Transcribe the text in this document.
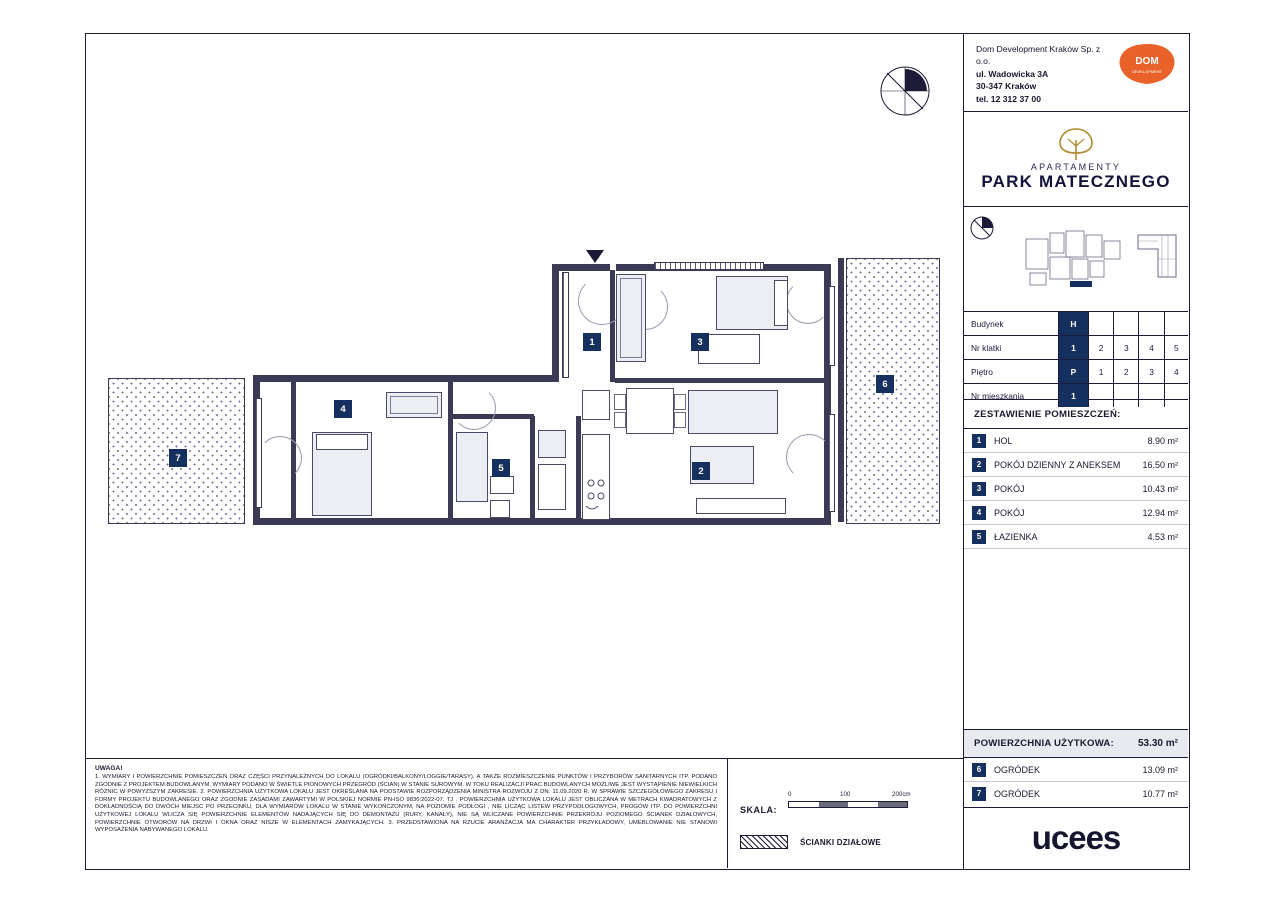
1	3
4
5	2
6
7
Dom Development Kraków Sp. z o.o.
ul. Wadowicka 3A
30-347 Kraków
tel. 12 312 37 00
DOM
DEVELOPMENT
APARTAMENTY
PARK MATECZNEGO
Budynek	H				
Nr klatki	1	2	3	4	5
Piętro	P	1	2	3	4
Nr mieszkania	1				
ZESTAWIENIE POMIESZCZEŃ:
1	HOL	8.90 m²
2	POKÓJ DZIENNY Z ANEKSEM	16.50 m²
3	POKÓJ	10.43 m²
4	POKÓJ	12.94 m²
5	ŁAZIENKA	4.53 m²
POWIERZCHNIA UŻYTKOWA:	53.30 m²
6	OGRÓDEK	13.09 m²
7	OGRÓDEK	10.77 m²
ucees
UWAGA!
1. WYMIARY I POWIERZCHNIE POMIESZCZEŃ ORAZ CZĘŚCI PRZYNALEŻNYCH DO LOKALU (OGRÓDKI/BALKONY/LOGGIE/TARASY), A TAKŻE ROZMIESZCZENIE PUNKTÓW I PRZYBORÓW SANITARNYCH ITP. PODANO ZGODNIE Z PROJEKTEM BUDOWLANYM. WYMIARY PODANO W ŚWIETLE PIONOWYCH PRZEGRÓD (ŚCIAN) W STANIE SUROWYM. W TOKU REALIZACJI PRAC BUDOWLANYCH MOŻLIWE JEST WYSTĄPIENIE NIEWIELKICH RÓŻNIC W POWYŻSZYM ZAKRESIE. 2. POWIERZCHNIA UŻYTKOWA LOKALU JEST OKREŚLANA NA PODSTAWIE ROZPORZĄDZENIA MINISTRA ROZWOJU Z DN. 11.09.2020 R. W SPRAWIE SZCZEGÓŁOWEGO ZAKRESU I FORMY PROJEKTU BUDOWLANEGO ORAZ ZGODNIE ZASADAMI ZAWARTYMI W POLSKIEJ NORMIE PN-ISO 9836:2022-07. TJ . POWIERZCHNIA UŻYTKOWA LOKALU JEST OBLICZANA W METRACH KWADRATOWYCH Z DOKŁADNOŚCIĄ DO DWÓCH MIEJSC PO PRZECINKU, DLA WYMIARÓW LOKALU W STANIE WYKOŃCZONYM, NA POZIOMIE PODŁOGI , NIE LICZĄC LISTEW PRZYPODŁOGOWYCH, PROGÓW ITP. DO POWIERZCHNI UŻYTKOWEJ LOKALU WLICZA SIĘ POWIERZCHNIE ELEMENTÓW NADAJĄCYCH SIĘ DO DEMONTAŻU (RURY, KANAŁY), NIE SĄ WLICZANE POWIERZCHNIE PRZEKROJU POZIOMEGO ŚCIANEK DZIAŁOWYCH, POWIERZCHNIE OTWORÓW NA DRZWI I OKNA ORAZ NISZE W ELEMENTACH ZAMYKAJĄCYCH. 3. PRZEDSTAWIONA NA RZUCIE ARANŻACJA MA CHARAKTER PRZYKŁADOWY, UMEBLOWANIE NIE STANOWI WYPOSAŻENIA NABYWANEGO LOKALU.
SKALA:
0	100	200cm
ŚCIANKI DZIAŁOWE
